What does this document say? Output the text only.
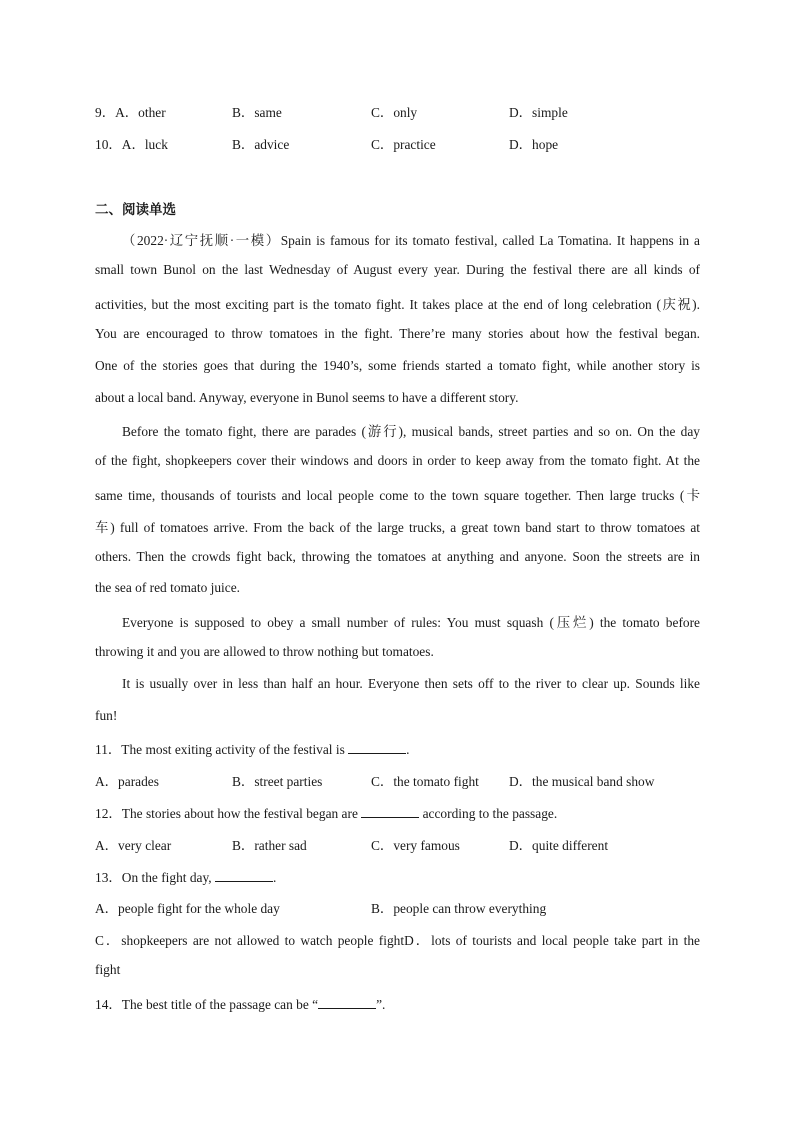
9．A．other	B．same	C．only	D．simple
10．A．luck	B．advice	C．practice	D．hope
二、阅读单选
（2022·辽宁抚顺·一模）Spain is famous for its tomato festival, called La Tomatina. It happens in a
small town Bunol on the last Wednesday of August every year. During the festival there are all kinds of
activities, but the most exciting part is the tomato fight. It takes place at the end of long celebration (庆祝).
You are encouraged to throw tomatoes in the fight. There’re many stories about how the festival began.
One of the stories goes that during the 1940’s, some friends started a tomato fight, while another story is
about a local band. Anyway, everyone in Bunol seems to have a different story.
Before the tomato fight, there are parades (游行), musical bands, street parties and so on. On the day
of the fight, shopkeepers cover their windows and doors in order to keep away from the tomato fight. At the
same time, thousands of tourists and local people come to the town square together. Then large trucks (卡
车) full of tomatoes arrive. From the back of the large trucks, a great town band start to throw tomatoes at
others. Then the crowds fight back, throwing the tomatoes at anything and anyone. Soon the streets are in
the sea of red tomato juice.
Everyone is supposed to obey a small number of rules: You must squash (压烂) the tomato before
throwing it and you are allowed to throw nothing but tomatoes.
It is usually over in less than half an hour. Everyone then sets off to the river to clear up. Sounds like
fun!
11．The most exiting activity of the festival is	.
A．parades	B．street parties	C．the tomato fight D．the musical band show
12．The stories about how the festival began are	according to the passage.
A．very clear	B．rather sad	C．very famous	D．quite different
13．On the fight day,	.
A．people fight for the whole day	B．people can throw everything
C．shopkeepers are not allowed to watch people fightD．lots of tourists and local people take part in the
fight
14．The best title of the passage can be “	”.
